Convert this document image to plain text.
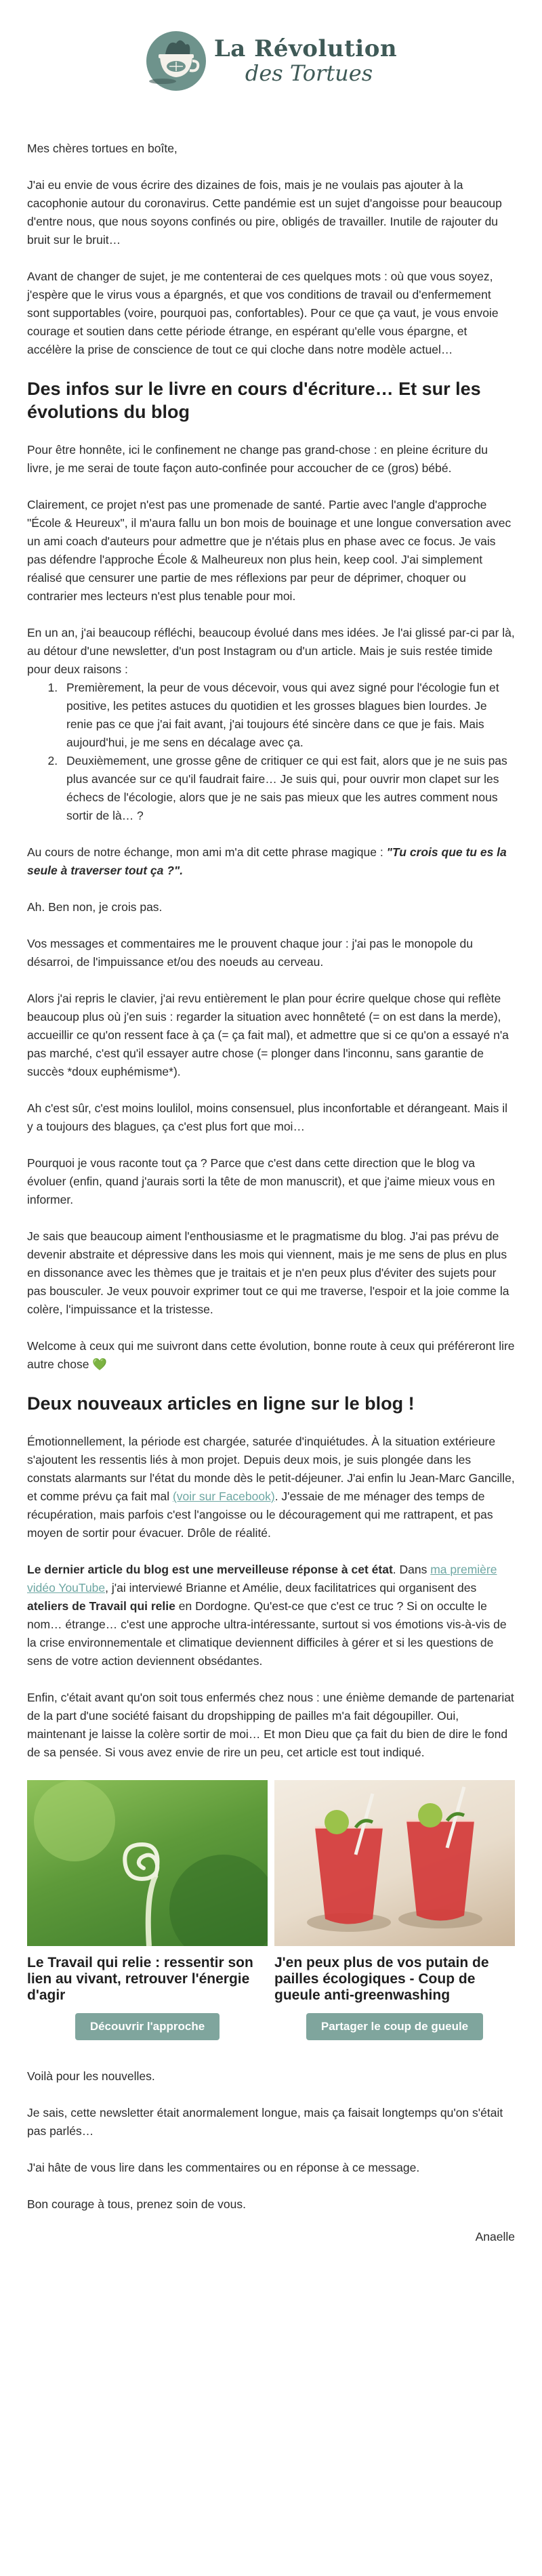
La Révolution
des Tortues

Mes chères tortues en boîte,

J'ai eu envie de vous écrire des dizaines de fois, mais je ne voulais pas ajouter à la cacophonie autour du coronavirus. Cette pandémie est un sujet d'angoisse pour beaucoup d'entre nous, que nous soyons confinés ou pire, obligés de travailler. Inutile de rajouter du bruit sur le bruit…

Avant de changer de sujet, je me contenterai de ces quelques mots : où que vous soyez, j'espère que le virus vous a épargnés, et que vos conditions de travail ou d'enfermement sont supportables (voire, pourquoi pas, confortables). Pour ce que ça vaut, je vous envoie courage et soutien dans cette période étrange, en espérant qu'elle vous épargne, et accélère la prise de conscience de tout ce qui cloche dans notre modèle actuel…

Des infos sur le livre en cours d'écriture… Et sur les évolutions du blog

Pour être honnête, ici le confinement ne change pas grand-chose : en pleine écriture du livre, je me serai de toute façon auto-confinée pour accoucher de ce (gros) bébé.

Clairement, ce projet n'est pas une promenade de santé. Partie avec l'angle d'approche "École & Heureux", il m'aura fallu un bon mois de bouinage et une longue conversation avec un ami coach d'auteurs pour admettre que je n'étais plus en phase avec ce focus. Je vais pas défendre l'approche École & Malheureux non plus hein, keep cool. J'ai simplement réalisé que censurer une partie de mes réflexions par peur de déprimer, choquer ou contrarier mes lecteurs n'est plus tenable pour moi.

En un an, j'ai beaucoup réfléchi, beaucoup évolué dans mes idées. Je l'ai glissé par-ci par là, au détour d'une newsletter, d'un post Instagram ou d'un article. Mais je suis restée timide pour deux raisons :

1. Premièrement, la peur de vous décevoir, vous qui avez signé pour l'écologie fun et positive, les petites astuces du quotidien et les grosses blagues bien lourdes. Je renie pas ce que j'ai fait avant, j'ai toujours été sincère dans ce que je fais. Mais aujourd'hui, je me sens en décalage avec ça.
2. Deuxièmement, une grosse gêne de critiquer ce qui est fait, alors que je ne suis pas plus avancée sur ce qu'il faudrait faire… Je suis qui, pour ouvrir mon clapet sur les échecs de l'écologie, alors que je ne sais pas mieux que les autres comment nous sortir de là… ?

Au cours de notre échange, mon ami m'a dit cette phrase magique : "Tu crois que tu es la seule à traverser tout ça ?".

Ah. Ben non, je crois pas.

Vos messages et commentaires me le prouvent chaque jour : j'ai pas le monopole du désarroi, de l'impuissance et/ou des noeuds au cerveau.

Alors j'ai repris le clavier, j'ai revu entièrement le plan pour écrire quelque chose qui reflète beaucoup plus où j'en suis : regarder la situation avec honnêteté (= on est dans la merde), accueillir ce qu'on ressent face à ça (= ça fait mal), et admettre que si ce qu'on a essayé n'a pas marché, c'est qu'il essayer autre chose (= plonger dans l'inconnu, sans garantie de succès *doux euphémisme*).

Ah c'est sûr, c'est moins loulilol, moins consensuel, plus inconfortable et dérangeant. Mais il y a toujours des blagues, ça c'est plus fort que moi…

Pourquoi je vous raconte tout ça ? Parce que c'est dans cette direction que le blog va évoluer (enfin, quand j'aurais sorti la tête de mon manuscrit), et que j'aime mieux vous en informer.

Je sais que beaucoup aiment l'enthousiasme et le pragmatisme du blog. J'ai pas prévu de devenir abstraite et dépressive dans les mois qui viennent, mais je me sens de plus en plus en dissonance avec les thèmes que je traitais et je n'en peux plus d'éviter des sujets pour pas bousculer. Je veux pouvoir exprimer tout ce qui me traverse, l'espoir et la joie comme la colère, l'impuissance et la tristesse.

Welcome à ceux qui me suivront dans cette évolution, bonne route à ceux qui préféreront lire autre chose 💚

Deux nouveaux articles en ligne sur le blog !

Émotionnellement, la période est chargée, saturée d'inquiétudes. À la situation extérieure s'ajoutent les ressentis liés à mon projet. Depuis deux mois, je suis plongée dans les constats alarmants sur l'état du monde dès le petit-déjeuner. J'ai enfin lu Jean-Marc Gancille, et comme prévu ça fait mal (voir sur Facebook). J'essaie de me ménager des temps de récupération, mais parfois c'est l'angoisse ou le découragement qui me rattrapent, et pas moyen de sortir pour évacuer. Drôle de réalité.

Le dernier article du blog est une merveilleuse réponse à cet état. Dans ma première vidéo YouTube, j'ai interviewé Brianne et Amélie, deux facilitatrices qui organisent des ateliers de Travail qui relie en Dordogne. Qu'est-ce que c'est ce truc ? Si on occulte le nom… étrange… c'est une approche ultra-intéressante, surtout si vos émotions vis-à-vis de la crise environnementale et climatique deviennent difficiles à gérer et si les questions de sens de votre action deviennent obsédantes.

Enfin, c'était avant qu'on soit tous enfermés chez nous : une énième demande de partenariat de la part d'une société faisant du dropshipping de pailles m'a fait dégoupiller. Oui, maintenant je laisse la colère sortir de moi… Et mon Dieu que ça fait du bien de dire le fond de sa pensée. Si vous avez envie de rire un peu, cet article est tout indiqué.

Le Travail qui relie : ressentir son lien au vivant, retrouver l'énergie d'agir
Découvrir l'approche
J'en peux plus de vos putain de pailles écologiques - Coup de gueule anti-greenwashing
Partager le coup de gueule

Voilà pour les nouvelles.

Je sais, cette newsletter était anormalement longue, mais ça faisait longtemps qu'on s'était pas parlés…

J'ai hâte de vous lire dans les commentaires ou en réponse à ce message.

Bon courage à tous, prenez soin de vous.

Anaelle
